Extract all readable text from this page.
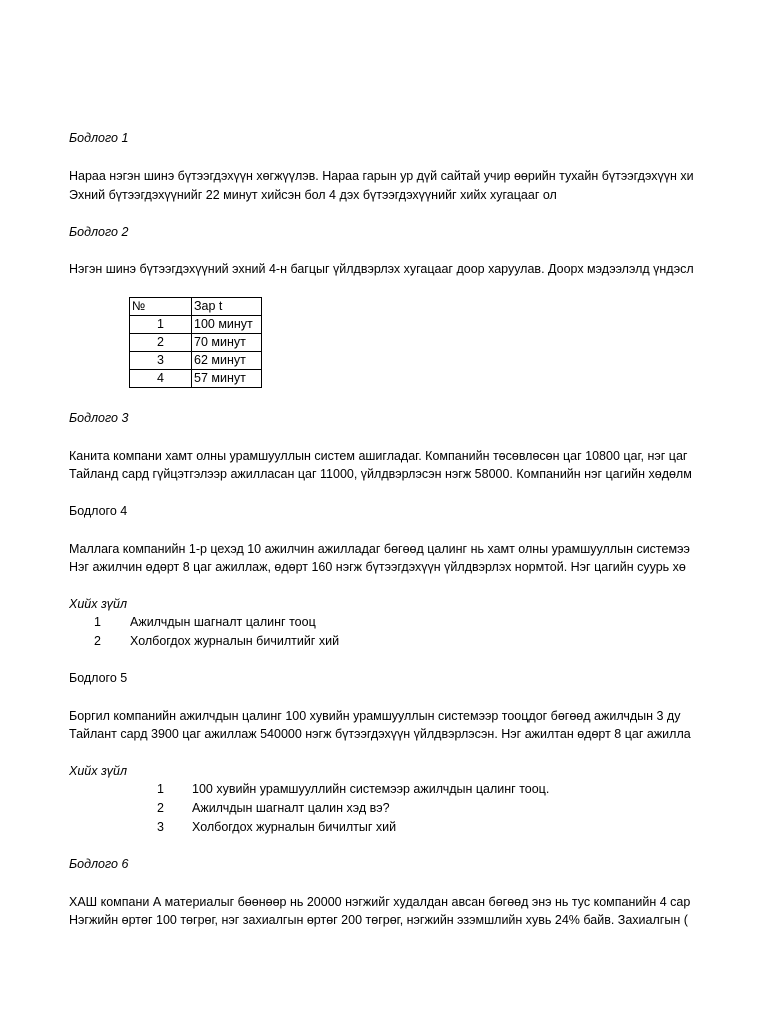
Бодлого 1
Нараа нэгэн шинэ бүтээгдэхүүн хөгжүүлэв. Нараа гарын ур дүй сайтай учир өөрийн тухайн бүтээгдэхүүн хи
Эхний бүтээгдэхүүнийг 22 минут хийсэн бол 4 дэх бүтээгдэхүүнийг хийх хугацааг ол
Бодлого 2
Нэгэн шинэ бүтээгдэхүүний эхний 4-н багцыг үйлдвэрлэх хугацааг доор харуулав. Доорх мэдээлэлд үндэсл
№	Зар t
1	100 минут
2	70 минут
3	62 минут
4	57 минут
Бодлого 3
Канита компани хамт олны урамшууллын систем ашигладаг. Компанийн төсөвлөсөн цаг 10800 цаг, нэг цаг
Тайланд сард гүйцэтгэлээр ажилласан цаг 11000, үйлдвэрлэсэн нэгж 58000. Компанийн нэг цагийн хөдөлм
Бодлого 4
Маллага компанийн 1-р цехэд 10 ажилчин ажилладаг бөгөөд цалинг нь хамт олны урамшууллын системээ
Нэг ажилчин өдөрт 8 цаг ажиллаж, өдөрт 160 нэгж бүтээгдэхүүн үйлдвэрлэх нормтой. Нэг цагийн суурь хө
Хийх зүйл
1 Ажилчдын шагналт цалинг тооц
2 Холбогдох журналын бичилтийг хий
Бодлого 5
Боргил компанийн ажилчдын цалинг 100 хувийн урамшууллын системээр тооцдог бөгөөд ажилчдын 3 ду
Тайлант сард 3900 цаг ажиллаж 540000 нэгж бүтээгдэхүүн үйлдвэрлэсэн. Нэг ажилтан өдөрт 8 цаг ажилла
Хийх зүйл
1 100 хувийн урамшууллийн системээр ажилчдын цалинг тооц.
2 Ажилчдын шагналт цалин хэд вэ?
3 Холбогдох журналын бичилтыг хий
Бодлого 6
ХАШ компани А материалыг бөөнөөр нь 20000 нэгжийг худалдан авсан бөгөөд энэ нь тус компанийн 4 сар
Нэгжийн өртөг 100 төгрөг, нэг захиалгын өртөг 200 төгрөг, нэгжийн эзэмшлийн хувь 24% байв. Захиалгын (
